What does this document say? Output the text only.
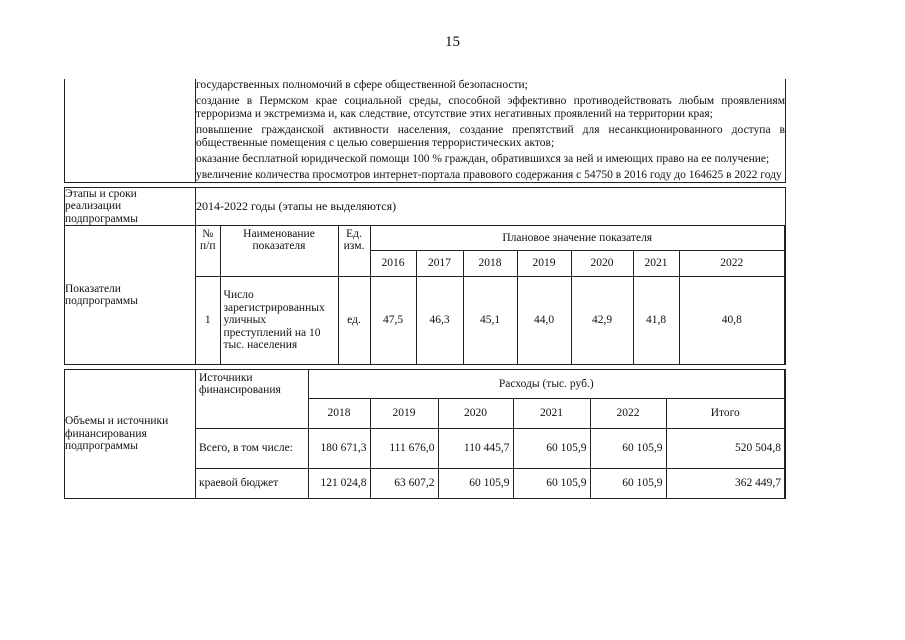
15

государственных полномочий в сфере общественной безопасности;

создание в Пермском крае социальной среды, способной эффективно противодействовать любым проявлениям терроризма и экстремизма и, как следствие, отсутствие этих негативных проявлений на территории края;

повышение гражданской активности населения, создание препятствий для несанкционированного доступа в общественные помещения с целью совершения террористических актов;

оказание бесплатной юридической помощи 100 % граждан, обратившихся за ней и имеющих право на ее получение;

увеличение количества просмотров интернет-портала правового содержания с 54750 в 2016 году до 164625 в 2022 году

Этапы и сроки реализации подпрограммы	2014-2022 годы (этапы не выделяются)
Показатели подпрограммы	
№ п/п	Наименование показателя	Ед. изм.	Плановое значение показателя
2016	2017	2018	2019	2020	2021	2022
1	Число зарегистрированных уличных преступлений на 10 тыс. населения	ед.	47,5	46,3	45,1	44,0	42,9	41,8	40,8

Объемы и источники финансирования подпрограммы	
Источники финансирования	Расходы (тыс. руб.)
2018	2019	2020	2021	2022	Итого
Всего, в том числе:	180 671,3	111 676,0	110 445,7	60 105,9	60 105,9	520 504,8
краевой бюджет	121 024,8	63 607,2	60 105,9	60 105,9	60 105,9	362 449,7
